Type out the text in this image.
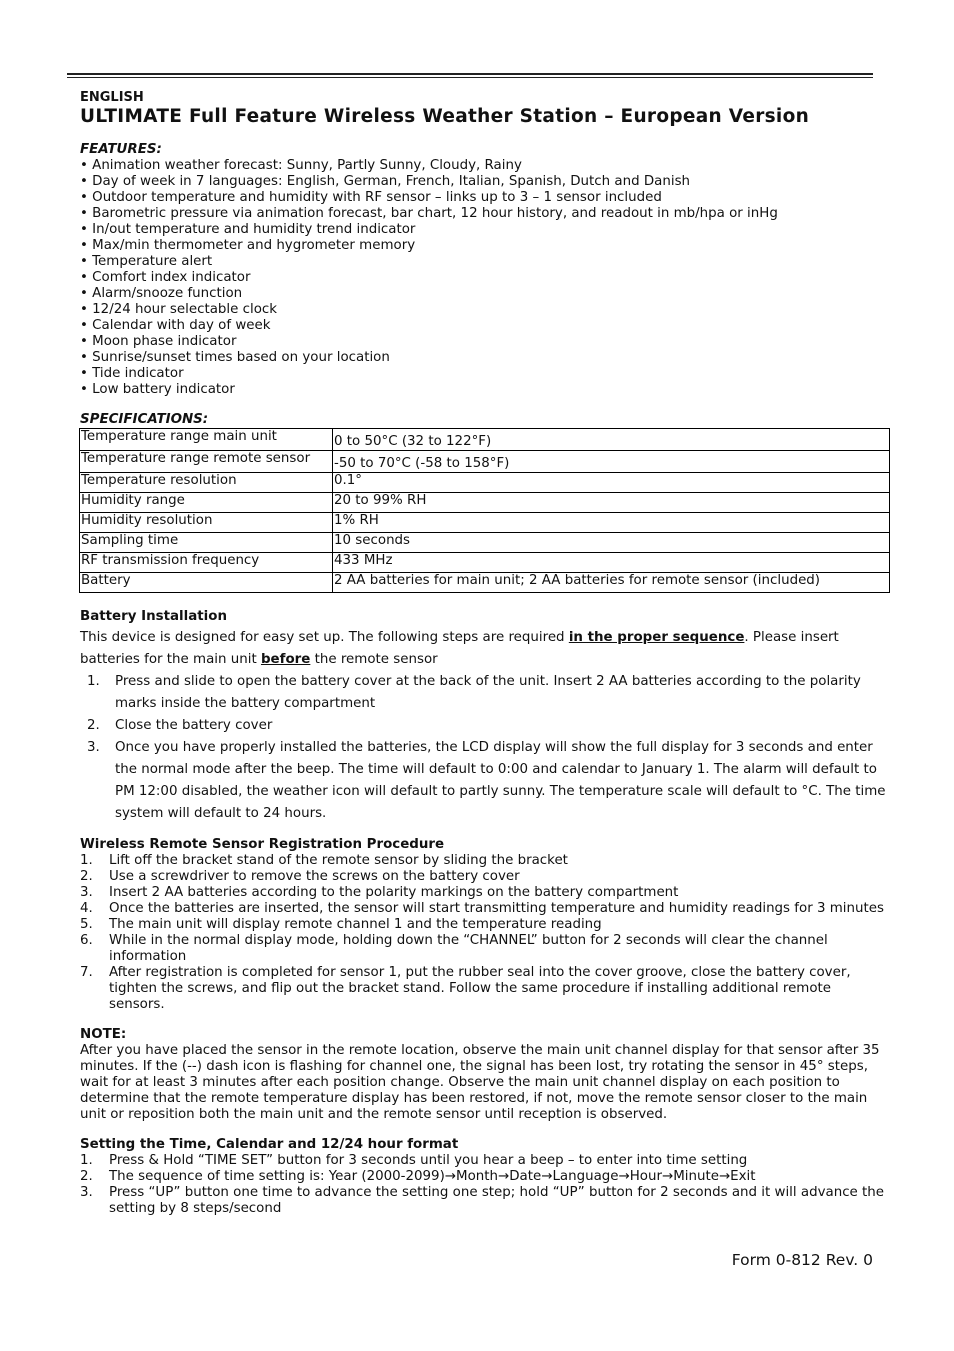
ENGLISH

ULTIMATE Full Feature Wireless Weather Station – European Version

FEATURES:

• Animation weather forecast: Sunny, Partly Sunny, Cloudy, Rainy
• Day of week in 7 languages: English, German, French, Italian, Spanish, Dutch and Danish
• Outdoor temperature and humidity with RF sensor – links up to 3 – 1 sensor included
• Barometric pressure via animation forecast, bar chart, 12 hour history, and readout in mb/hpa or inHg
• In/out temperature and humidity trend indicator
• Max/min thermometer and hygrometer memory
• Temperature alert
• Comfort index indicator
• Alarm/snooze function
• 12/24 hour selectable clock
• Calendar with day of week
• Moon phase indicator
• Sunrise/sunset times based on your location
• Tide indicator
• Low battery indicator

SPECIFICATIONS:

Temperature range main unit	0 to 50°C (32 to 122°F)
Temperature range remote sensor	-50 to 70°C (-58 to 158°F)
Temperature resolution	0.1°
Humidity range	20 to 99% RH
Humidity resolution	1% RH
Sampling time	10 seconds
RF transmission frequency	433 MHz
Battery	2 AA batteries for main unit; 2 AA batteries for remote sensor (included)

Battery Installation

This device is designed for easy set up. The following steps are required in the proper sequence. Please insert batteries for the main unit before the remote sensor

1. Press and slide to open the battery cover at the back of the unit. Insert 2 AA batteries according to the polarity marks inside the battery compartment
2. Close the battery cover
3. Once you have properly installed the batteries, the LCD display will show the full display for 3 seconds and enter the normal mode after the beep. The time will default to 0:00 and calendar to January 1. The alarm will default to PM 12:00 disabled, the weather icon will default to partly sunny. The temperature scale will default to °C. The time system will default to 24 hours.

Wireless Remote Sensor Registration Procedure

1. Lift off the bracket stand of the remote sensor by sliding the bracket
2. Use a screwdriver to remove the screws on the battery cover
3. Insert 2 AA batteries according to the polarity markings on the battery compartment
4. Once the batteries are inserted, the sensor will start transmitting temperature and humidity readings for 3 minutes
5. The main unit will display remote channel 1 and the temperature reading
6. While in the normal display mode, holding down the “CHANNEL” button for 2 seconds will clear the channel information
7. After registration is completed for sensor 1, put the rubber seal into the cover groove, close the battery cover, tighten the screws, and flip out the bracket stand. Follow the same procedure if installing additional remote sensors.

NOTE:

After you have placed the sensor in the remote location, observe the main unit channel display for that sensor after 35 minutes. If the (--) dash icon is flashing for channel one, the signal has been lost, try rotating the sensor in 45° steps, wait for at least 3 minutes after each position change. Observe the main unit channel display on each position to determine that the remote temperature display has been restored, if not, move the remote sensor closer to the main unit or reposition both the main unit and the remote sensor until reception is observed.

Setting the Time, Calendar and 12/24 hour format

1. Press & Hold “TIME SET” button for 3 seconds until you hear a beep – to enter into time setting
2. The sequence of time setting is: Year (2000-2099)→Month→Date→Language→Hour→Minute→Exit
3. Press “UP” button one time to advance the setting one step; hold “UP” button for 2 seconds and it will advance the setting by 8 steps/second
Form 0-812 Rev. 0
